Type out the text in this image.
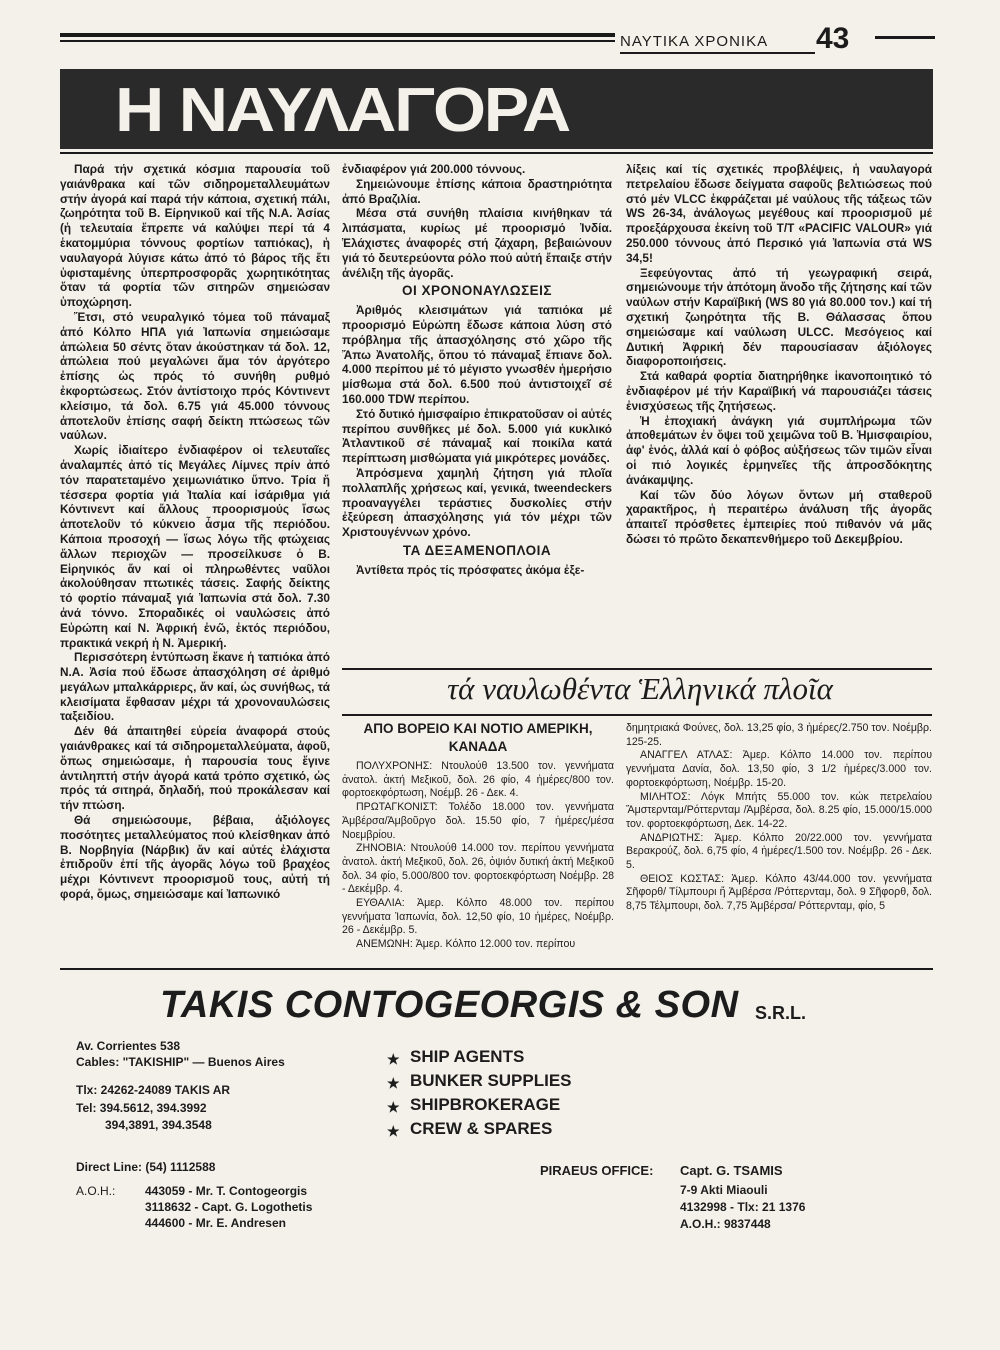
ΝΑΥΤΙΚΑ ΧΡΟΝΙΚΑ 43
Η ΝΑΥΛΑΓΟΡΑ

Παρά τήν σχετικά κόσμια παρουσία τοῦ γαιάνθρακα καί τῶν σιδηρομεταλλευμάτων στήν ἀγορά καί παρά τήν κάποια, σχετική πάλι, ζωηρότητα τοῦ Β. Είρηνικοῦ καί τῆς Ν.Α. Ἀσίας (ἡ τελευταία ἔπρεπε νά καλύψει περί τά 4 ἑκατομμύρια τόννους φορτίων ταπιόκας), ἡ ναυλαγορά λύγισε κάτω ἀπό τό βάρος τῆς ἔτι ὑφισταμένης ὑπερπροσφορᾶς χωρητικότητας ὅταν τά φορτία τῶν σιτηρῶν σημειώσαν ὑποχώρηση.

Ἔτσι, στό νευραλγικό τόμεα τοῦ πάναμαξ ἀπό Κόλπο ΗΠΑ γιά Ἰαπωνία σημειώσαμε ἀπώλεια 50 σέντς ὅταν ἀκούστηκαν τά δολ. 12, ἀπώλεια πού μεγαλώνει ἅμα τόν ἀργότερο ἐπίσης ὡς πρός τό συνήθη ρυθμό ἐκφορτώσεως. Στόν ἀντίστοιχο πρός Κόντινεντ κλείσιμο, τά δολ. 6.75 γιά 45.000 τόννους ἀποτελοῦν ἐπίσης σαφή δείκτη πτώσεως τῶν ναύλων.

Χωρίς ἰδιαίτερο ἐνδιαφέρον οἱ τελευταῖες ἀναλαμπές ἀπό τίς Μεγάλες Λίμνες πρίν ἀπό τόν παρατεταμένο χειμωνιάτικο ὕπνο. Τρία ἤ τέσσερα φορτία γιά Ἰταλία καί ἰσάριθμα γιά Κόντινεντ καί ἄλλους προορισμούς ἴσως ἀποτελοῦν τό κύκνειο ἆσμα τῆς περιόδου. Κάποια προσοχή — ἴσως λόγω τῆς φτώχειας ἄλλων περιοχῶν — προσείλκυσε ὁ Β. Εἰρηνικός ἄν καί οἱ πληρωθέντες ναῦλοι ἀκολούθησαν πτωτικές τάσεις. Σαφής δείκτης τό φορτίο πάναμαξ γιά Ἰαπωνία στά δολ. 7.30 ἀνά τόννο. Σποραδικές οἱ ναυλώσεις ἀπό Εὐρώπη καί Ν. Ἀφρική ἐνῶ, ἐκτός περιόδου, πρακτικά νεκρή ἡ Ν. Ἀμερική.

Περισσότερη ἐντύπωση ἔκανε ἡ ταπιόκα ἀπό Ν.Α. Ἀσία πού ἔδωσε ἀπασχόληση σέ ἀριθμό μεγάλων μπαλκάρριερς, ἄν καί, ὡς συνήθως, τά κλεισίματα ἔφθασαν μέχρι τά χρονοναυλώσεις ταξειδίου.

Δέν θά ἀπαιτηθεί εὐρεία ἀναφορά στούς γαιάνθρακες καί τά σιδηρομεταλλεύματα, ἀφοῦ, ὅπως σημειώσαμε, ἡ παρουσία τους ἔγινε ἀντιληπτή στήν ἀγορά κατά τρόπο σχετικό, ὡς πρός τά σιτηρά, δηλαδή, πού προκάλεσαν καί τήν πτώση.

Θά σημειώσουμε, βέβαια, ἀξιόλογες ποσότητες μεταλλεύματος πού κλείσθηκαν ἀπό Β. Νορβηγία (Νάρβικ) ἄν καί αὐτές ἐλάχιστα ἐπιδροῦν ἐπί τῆς ἀγορᾶς λόγω τοῦ βραχέος μέχρι Κόντινεντ προορισμοῦ τους, αὐτή τή φορά, ὅμως, σημειώσαμε καί Ἰαπωνικό

ἐνδιαφέρον γιά 200.000 τόννους.

Σημειώνουμε ἐπίσης κάποια δραστηριότητα ἀπό Βραζιλία.

Μέσα στά συνήθη πλαίσια κινήθηκαν τά λιπάσματα, κυρίως μέ προορισμό Ἰνδία. Ἐλάχιστες ἀναφορές στή ζάχαρη, βεβαιώνουν γιά τό δευτερεύοντα ρόλο πού αὐτή ἔπαιξε στήν ἀνέλιξη τῆς ἀγορᾶς.

ΟΙ ΧΡΟΝΟΝΑΥΛΩΣΕΙΣ

Ἀριθμός κλεισιμάτων γιά ταπιόκα μέ προορισμό Εὐρώπη ἔδωσε κάποια λύση στό πρόβλημα τῆς ἀπασχόλησης στό χῶρο τῆς Ἄπω Ἀνατολῆς, ὅπου τό πάναμαξ ἔπιανε δολ. 4.000 περίπου μέ τό μέγιστο γνωσθέν ἡμερήσιο μίσθωμα στά δολ. 6.500 πού ἀντιστοιχεῖ σέ 160.000 TDW περίπου.

Στό δυτικό ἡμισφαίριο ἐπικρατοῦσαν οἱ αὐτές περίπου συνθῆκες μέ δολ. 5.000 γιά κυκλικό Ἀτλαντικοῦ σέ πάναμαξ καί ποικίλα κατά περίπτωση μισθώματα γιά μικρότερες μονάδες.

Ἀπρόσμενα χαμηλή ζήτηση γιά πλοῖα πολλαπλῆς χρήσεως καί, γενικά, tweendeckers προαναγγέλει τεράστιες δυσκολίες στήν ἐξεύρεση ἀπασχόλησης γιά τόν μέχρι τῶν Χριστουγέννων χρόνο.

ΤΑ ΔΕΞΑΜΕΝΟΠΛΟΙΑ

Ἀντίθετα πρός τίς πρόσφατες ἀκόμα ἐξε-

λίξεις καί τίς σχετικές προβλέψεις, ἡ ναυλαγορά πετρελαίου ἔδωσε δείγματα σαφοῦς βελτιώσεως πού στό μέν VLCC ἐκφράζεται μέ ναύλους τῆς τάξεως τῶν WS 26-34, ἀνάλογως μεγέθους καί προορισμοῦ μέ προεξάρχουσα ἐκείνη τοῦ Τ/Τ «PACIFIC VALOUR» γιά 250.000 τόννους ἀπό Περσικό γιά Ἰαπωνία στά WS 34,5!

Ξεφεύγοντας ἀπό τή γεωγραφική σειρά, σημειώνουμε τήν ἀπότομη ἄνοδο τῆς ζήτησης καί τῶν ναύλων στήν Καραϊβική (WS 80 γιά 80.000 τον.) καί τή σχετική ζωηρότητα τῆς Β. Θάλασσας ὅπου σημειώσαμε καί ναύλωση ULCC. Μεσόγειος καί Δυτική Ἀφρική δέν παρουσίασαν ἀξιόλογες διαφοροποιήσεις.

Στά καθαρά φορτία διατηρήθηκε ἱκανοποιητικό τό ἐνδιαφέρον μέ τήν Καραϊβική νά παρουσιάζει τάσεις ἐνισχύσεως τῆς ζητήσεως.

Ἡ ἐποχιακή ἀνάγκη γιά συμπλήρωμα τῶν ἀποθεμάτων ἐν ὄψει τοῦ χειμῶνα τοῦ Β. Ἡμισφαιρίου, ἀφ' ἑνός, ἀλλά καί ὁ φόβος αὐξήσεως τῶν τιμῶν εἶναι οἱ πιό λογικές ἑρμηνεῖες τῆς ἀπροσδόκητης ἀνάκαμψης.

Καί τῶν δύο λόγων ὄντων μή σταθεροῦ χαρακτῆρος, ἡ περαιτέρω ἀνάλυση τῆς ἀγορᾶς ἀπαιτεῖ πρόσθετες ἐμπειρίες πού πιθανόν νά μᾶς δώσει τό πρῶτο δεκαπενθήμερο τοῦ Δεκεμβρίου.

τά ναυλωθέντα Ἑλληνικά πλοῖα

ΑΠΟ ΒΟΡΕΙΟ ΚΑΙ ΝΟΤΙΟ ΑΜΕΡΙΚΗ, ΚΑΝΑΔΑ

ΠΟΛΥΧΡΟΝΗΣ: Ντουλούθ 13.500 τον. γεννήματα ἀνατολ. ἀκτή Μεξικοῦ, δολ. 26 φίο, 4 ἡμέρες/800 τον. φορτοεκφόρτωση, Νοέμβ. 26 - Δεκ. 4.

ΠΡΩΤΑΓΚΟΝΙΣΤ: Τολέδο 18.000 τον. γεννήματα Ἀμβέρσα/Ἀμβοῦργο δολ. 15.50 φίο, 7 ἡμέρες/μέσα Νοεμβρίου.

ΖΗΝΟΒΙΑ: Ντουλούθ 14.000 τον. περίπου γεννήματα ἀνατολ. ἀκτή Μεξικοῦ, δολ. 26, ὀψιόν δυτική ἀκτή Μεξικοῦ δολ. 34 φίο, 5.000/800 τον. φορτοεκφόρτωση Νοέμβρ. 28 - Δεκέμβρ. 4.

ΕΥΘΑΛΙΑ: Ἀμερ. Κόλπο 48.000 τον. περίπου γεννήματα Ἰαπωνία, δολ. 12,50 φίο, 10 ἡμέρες, Νοέμβρ. 26 - Δεκέμβρ. 5.

ΑΝΕΜΩΝΗ: Ἀμερ. Κόλπο 12.000 τον. περίπου

δημητριακά Φούνες, δολ. 13,25 φίο, 3 ἡμέρες/2.750 τον. Νοέμβρ. 125-25.

ΑΝΑΓΓΕΛ ΑΤΛΑΣ: Ἀμερ. Κόλπο 14.000 τον. περίπου γεννήματα Δανία, δολ. 13,50 φίο, 3 1/2 ἡμέρες/3.000 τον. φορτοεκφόρτωση, Νοέμβρ. 15-20.

ΜΙΛΗΤΟΣ: Λόγκ Μπήτς 55.000 τον. κώκ πετρελαίου Ἄμστερνταμ/Ρόττερνταμ /Ἀμβέρσα, δολ. 8.25 φίο, 15.000/15.000 τον. φορτοεκφόρτωση, Δεκ. 14-22.

ΑΝΔΡΙΩΤΗΣ: Ἀμερ. Κόλπο 20/22.000 τον. γεννήματα Βερακρούζ, δολ. 6,75 φίο, 4 ἡμέρες/1.500 τον. Νοέμβρ. 26 - Δεκ. 5.

ΘΕΙΟΣ ΚΩΣΤΑΣ: Ἀμερ. Κόλπο 43/44.000 τον. γεννήματα Σῆφορθ/ Τίλμπουρι ἤ Ἀμβέρσα /Ρόττερνταμ, δολ. 9 Σῆφορθ, δολ. 8,75 Τέλμπουρι, δολ. 7,75 Ἀμβέρσα/ Ρόττερνταμ, φίο, 5

TAKIS CONTOGEORGIS & SON S.R.L.
Av. Corrientes 538
Cables: "TAKISHIP" — Buenos Aires
Tlx: 24262-24089 TAKIS AR
Tel: 394.5612, 394.3992
394,3891, 394.3548
Direct Line: (54) 1112588
A.O.H.: 443059 - Mr. T. Contogeorgis
3118632 - Capt. G. Logothetis
444600 - Mr. E. Andresen
★ SHIP AGENTS
★ BUNKER SUPPLIES
★ SHIPBROKERAGE
★ CREW & SPARES
PIRAEUS OFFICE: Capt. G. TSAMIS
7-9 Akti Miaouli
4132998 - Tlx: 21 1376
A.O.H.: 9837448
